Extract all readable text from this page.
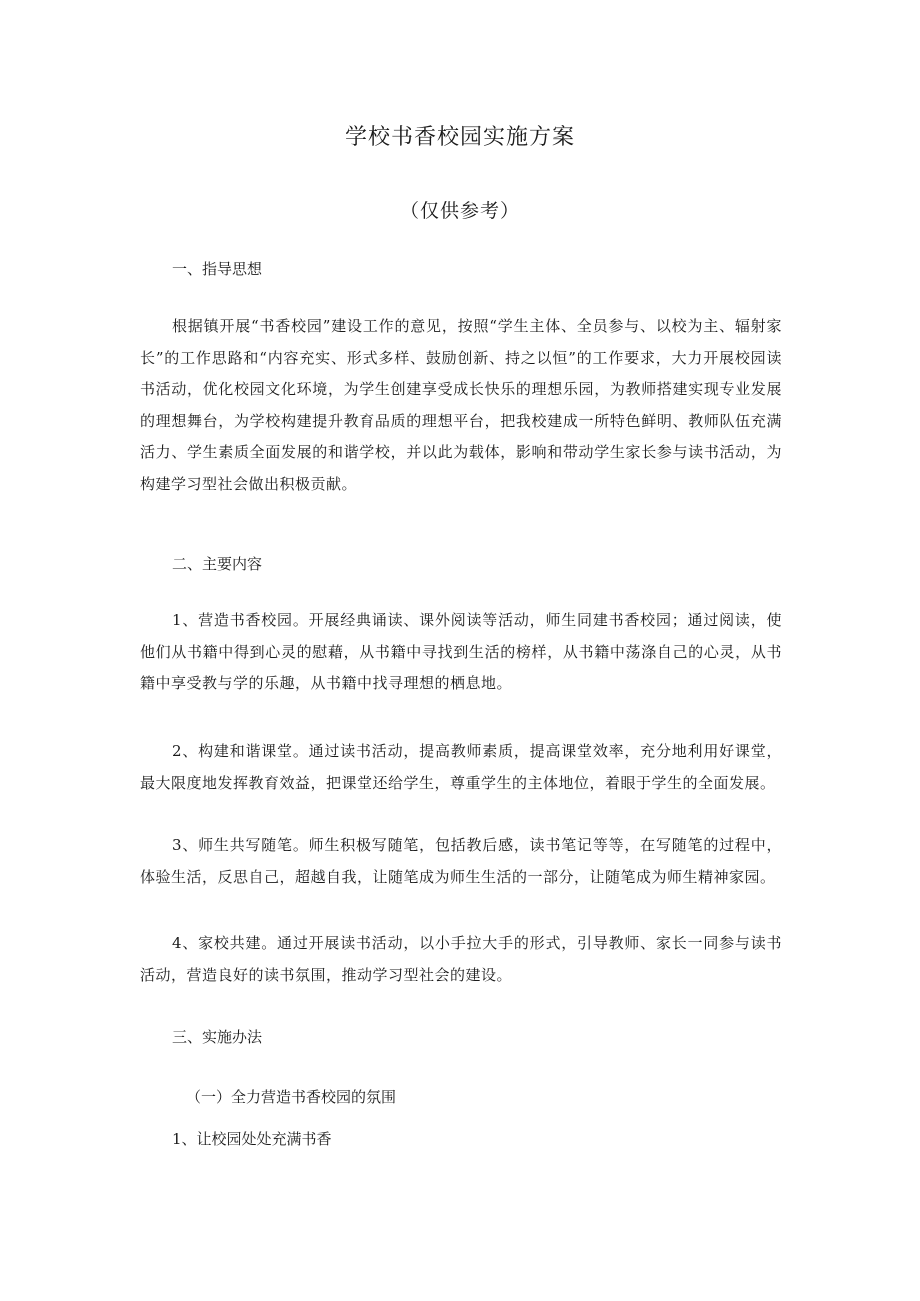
学校书香校园实施方案
（仅供参考）
一、指导思想

根据镇开展“书香校园”建设工作的意见，按照“学生主体、全员参与、以校为主、辐射家长”的工作思路和“内容充实、形式多样、鼓励创新、持之以恒”的工作要求，大力开展校园读书活动，优化校园文化环境，为学生创建享受成长快乐的理想乐园，为教师搭建实现专业发展的理想舞台，为学校构建提升教育品质的理想平台，把我校建成一所特色鲜明、教师队伍充满活力、学生素质全面发展的和谐学校，并以此为载体，影响和带动学生家长参与读书活动，为构建学习型社会做出积极贡献。

二、主要内容

1、营造书香校园。开展经典诵读、课外阅读等活动，师生同建书香校园；通过阅读，使他们从书籍中得到心灵的慰藉，从书籍中寻找到生活的榜样，从书籍中荡涤自己的心灵，从书籍中享受教与学的乐趣，从书籍中找寻理想的栖息地。

2、构建和谐课堂。通过读书活动，提高教师素质，提高课堂效率，充分地利用好课堂，最大限度地发挥教育效益，把课堂还给学生，尊重学生的主体地位，着眼于学生的全面发展。

3、师生共写随笔。师生积极写随笔，包括教后感，读书笔记等等，在写随笔的过程中，体验生活，反思自己，超越自我，让随笔成为师生生活的一部分，让随笔成为师生精神家园。

4、家校共建。通过开展读书活动，以小手拉大手的形式，引导教师、家长一同参与读书活动，营造良好的读书氛围，推动学习型社会的建设。

三、实施办法
（一）全力营造书香校园的氛围
1、让校园处处充满书香
